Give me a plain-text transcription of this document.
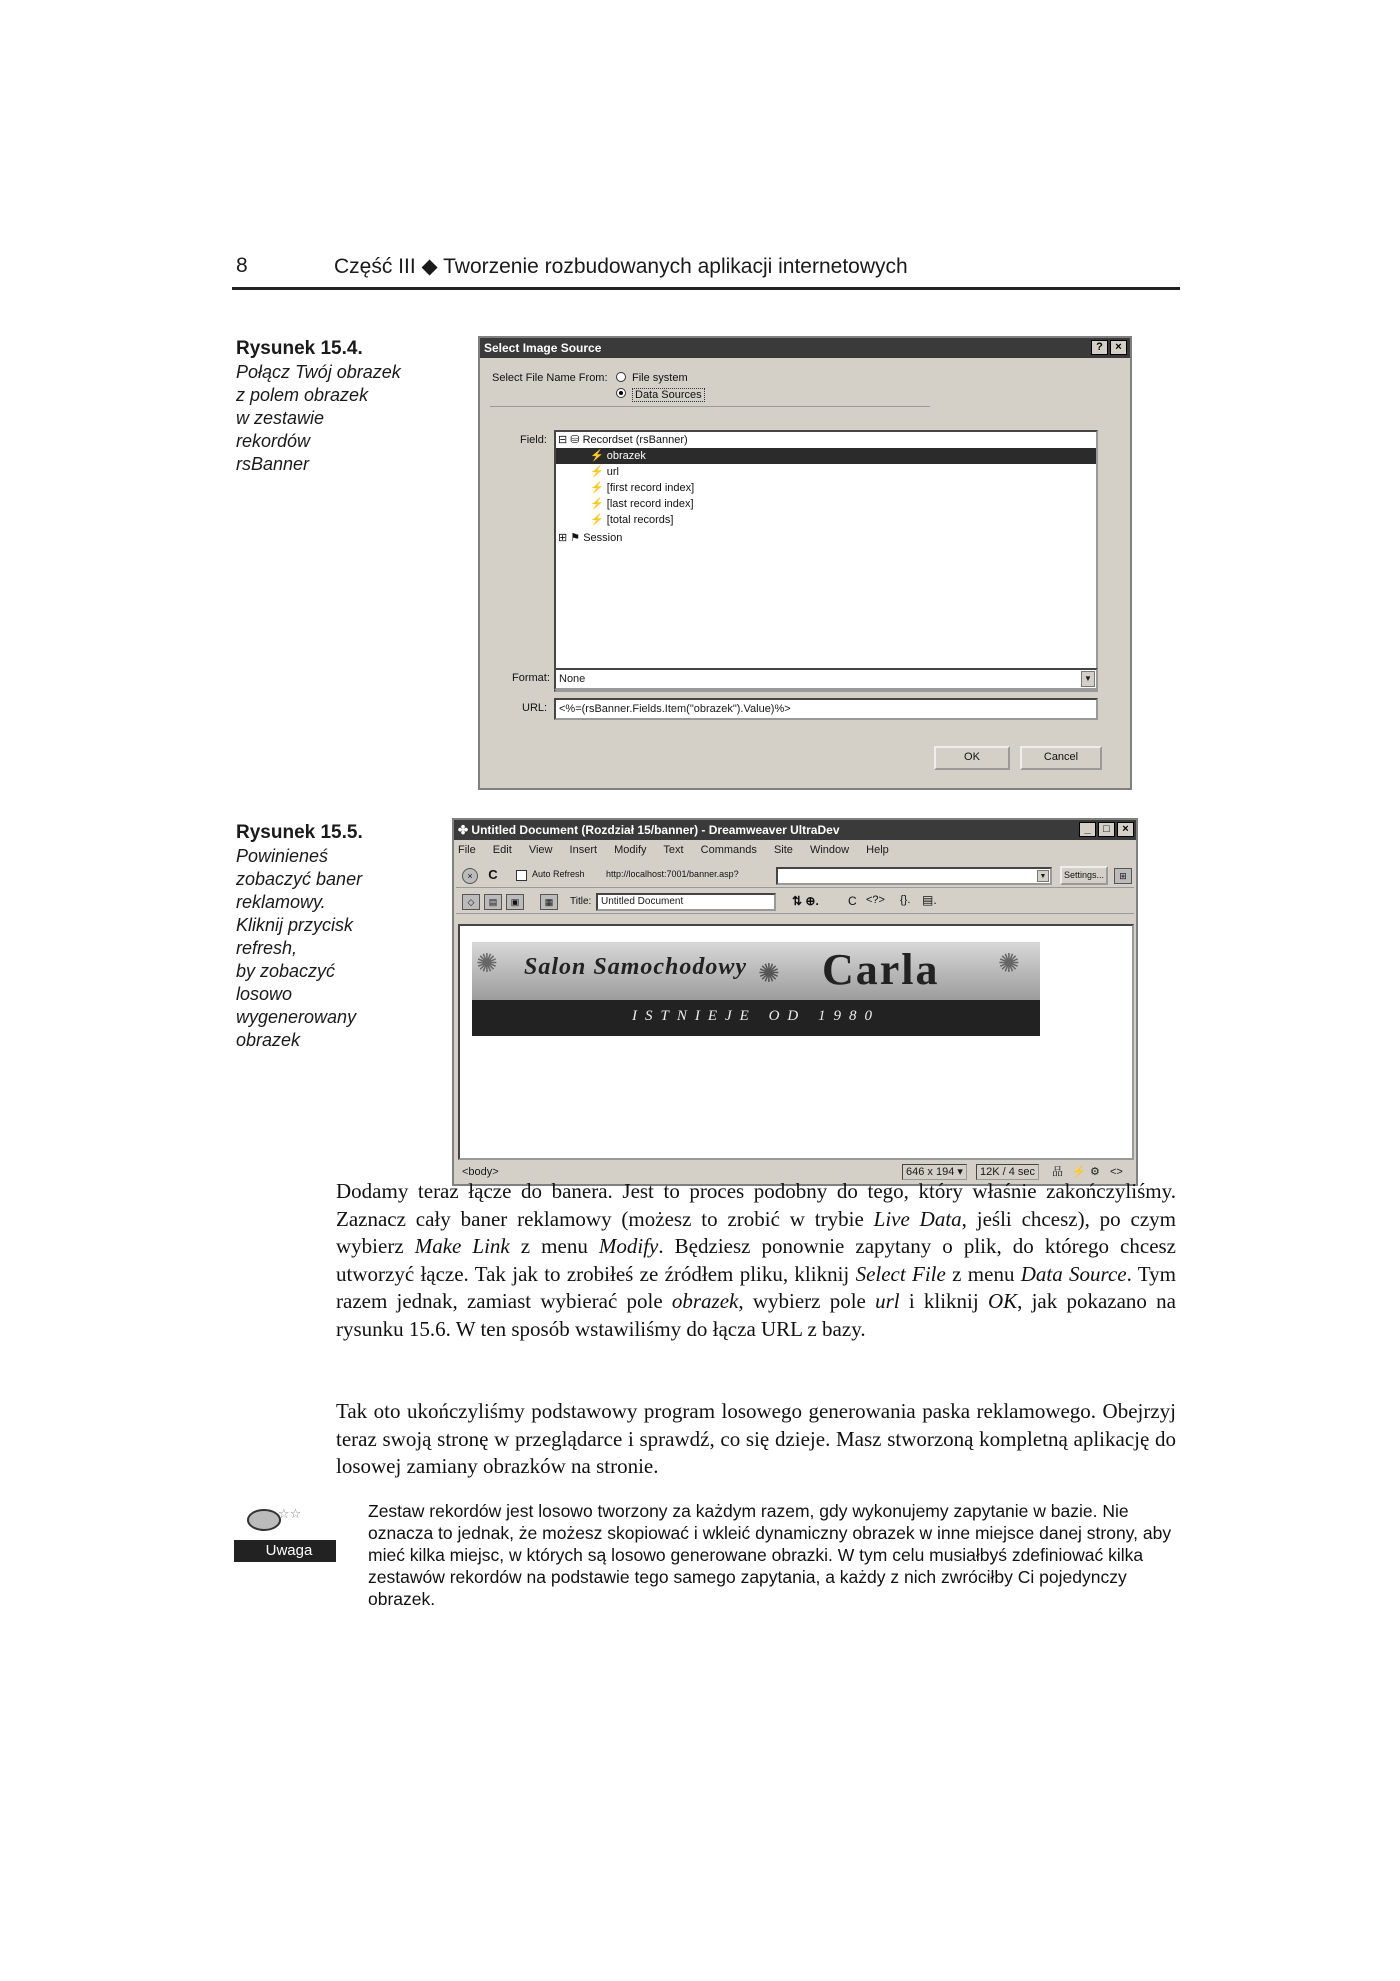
8	Część III ◆ Tworzenie rozbudowanych aplikacji internetowych
Rysunek 15.4.
Połącz Twój obrazek
z polem obrazek
w zestawie
rekordów
rsBanner
Select Image Source	?	×
Select File Name From: File system
Data Sources
Field: ⊟ ⛁ Recordset (rsBanner)
⚡ obrazek
⚡ url
⚡ [first record index]
⚡ [last record index]
⚡ [total records]
⊞ ⚑ Session
Format: None	▼
URL:	<%=(rsBanner.Fields.Item("obrazek").Value)%>
OK	Cancel
Rysunek 15.5.
Powinieneś
zobaczyć baner
reklamowy.
Kliknij przycisk
refresh,
by zobaczyć
losowo
wygenerowany
obrazek
✤ Untitled Document (Rozdział 15/banner) - Dreamweaver UltraDev	_	□	×
File Edit View Insert Modify Text Commands Site Window Help
×	C	Auto Refresh http://localhost:7001/banner.asp?	▼	Settings...	⊞
◇	▤	▣	▦	Title: Untitled Document	⇅ ⊕. C <?> {}. ▤.
✺	✺	✺
Salon Samochodowy Carla
ISTNIEJE OD 1980
<body>	646 x 194 ▾	12K / 4 sec	品 ⚡ ⚙ <>
Dodamy teraz łącze do banera. Jest to proces podobny do tego, który właśnie zakończyliśmy. Zaznacz cały baner reklamowy (możesz to zrobić w trybie Live Data, jeśli chcesz), po czym wybierz Make Link z menu Modify. Będziesz ponownie zapytany o plik, do którego chcesz utworzyć łącze. Tak jak to zrobiłeś ze źródłem pliku, kliknij Select File z menu Data Source. Tym razem jednak, zamiast wybierać pole obrazek, wybierz pole url i kliknij OK, jak pokazano na rysunku 15.6. W ten sposób wstawiliśmy do łącza URL z bazy.
Tak oto ukończyliśmy podstawowy program losowego generowania paska reklamowego. Obejrzyj teraz swoją stronę w przeglądarce i sprawdź, co się dzieje. Masz stworzoną kompletną aplikację do losowej zamiany obrazków na stronie.
☆☆
Uwaga
Zestaw rekordów jest losowo tworzony za każdym razem, gdy wykonujemy zapytanie w bazie. Nie oznacza to jednak, że możesz skopiować i wkleić dynamiczny obrazek w inne miejsce danej strony, aby mieć kilka miejsc, w których są losowo generowane obrazki. W tym celu musiałbyś zdefiniować kilka zestawów rekordów na podstawie tego samego zapytania, a każdy z nich zwróciłby Ci pojedynczy obrazek.
